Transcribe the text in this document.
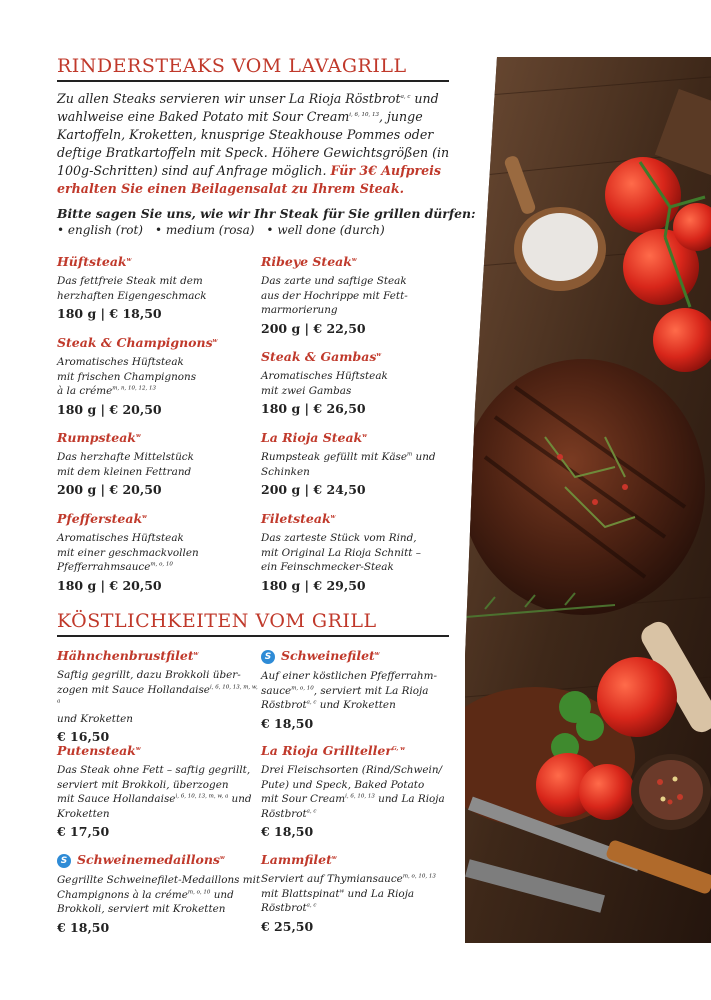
RINDERSTEAKS VOM LAVAGRILL

Zu allen Steaks servieren wir unser La Rioja Röstbrot$^{a, c}$ und wahlweise eine Baked Potato mit Sour Cream$^{i, 6, 10, 13}$, junge Kartoffeln, Kroketten, knusprige Steakhouse Pommes oder deftige Bratkartoffeln mit Speck. Höhere Gewichtsgrößen (in 100g-Schritten) sind auf Anfrage möglich. Für 3€ Aufpreis erhalten Sie einen Beilagensalat zu Ihrem Steak.

Bitte sagen Sie uns, wie wir Ihr Steak für Sie grillen dürfen:

• english (rot) • medium (rosa) • well done (durch)
Hüftsteak$^w$
Das fettfreie Steak mit dem
herzhaften Eigengeschmack
180 g | € 18,50
Steak & Champignons$^w$
Aromatisches Hüftsteak
mit frischen Champignons
à la créme$^{m, n, 10, 12, 13}$
180 g | € 20,50
Rumpsteak$^w$
Das herzhafte Mittelstück
mit dem kleinen Fettrand
200 g | € 20,50
Pfeffersteak$^w$
Aromatisches Hüftsteak
mit einer geschmackvollen
Pfefferrahmsauce$^{m, o, 10}$
180 g | € 20,50
Ribeye Steak$^w$
Das zarte und saftige Steak
aus der Hochrippe mit Fett-
marmorierung
200 g | € 22,50
Steak & Gambas$^w$
Aromatisches Hüftsteak
mit zwei Gambas
180 g | € 26,50
La Rioja Steak$^w$
Rumpsteak gefüllt mit Käse$^m$ und
Schinken
200 g | € 24,50
Filetsteak$^w$
Das zarteste Stück vom Rind,
mit Original La Rioja Schnitt –
ein Feinschmecker-Steak
180 g | € 29,50
KÖSTLICHKEITEN VOM GRILL
Hähnchenbrustfilet$^w$
Saftig gegrillt, dazu Brokkoli über-
zogen mit Sauce Hollandaise$^{i, 6, 10, 13, m, w, a}$
und Kroketten
€ 16,50
Putensteak$^w$
Das Steak ohne Fett – saftig gegrillt,
serviert mit Brokkoli, überzogen
mit Sauce Hollandaise$^{i, 6, 10, 13, m, w, a}$ und
Kroketten
€ 17,50
S Schweinemedaillons$^w$
Gegrillte Schweinefilet-Medaillons mit
Champignons à la créme$^{m, o, 10}$ und
Brokkoli, serviert mit Kroketten
€ 18,50
S Schweinefilet$^w$
Auf einer köstlichen Pfefferrahm-
sauce$^{m, o, 10}$, serviert mit La Rioja
Röstbrot$^{a, c}$ und Kroketten
€ 18,50
La Rioja Grillteller$^{G, w}$
Drei Fleischsorten (Rind/Schwein/
Pute) und Speck, Baked Potato
mit Sour Cream$^{i, 6, 10, 13}$ und La Rioja
Röstbrot$^{a, c}$
€ 18,50
Lammfilet$^w$
Serviert auf Thymiansauce$^{m, o, 10, 13}$
mit Blattspinat$^w$ und La Rioja
Röstbrot$^{a, c}$
€ 25,50
